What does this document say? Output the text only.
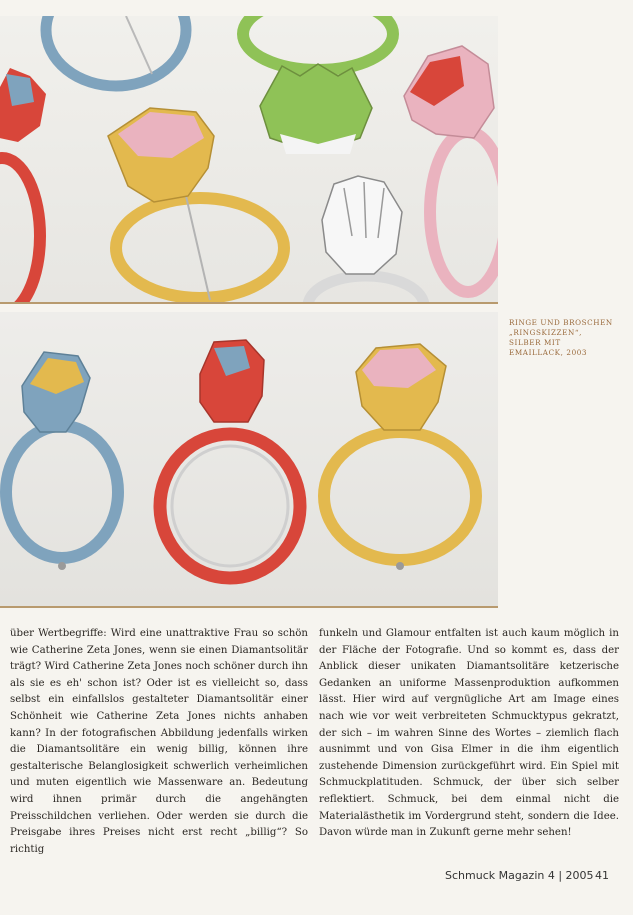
RINGE UND BROSCHEN
„RINGSKIZZEN“,
SILBER MIT
EMAILLACK, 2003

über Wertbegriffe: Wird eine unattraktive Frau so schön wie Catherine Zeta Jones, wenn sie einen Diamantsolitär trägt? Wird Catherine Zeta Jones noch schöner durch ihn als sie es eh' schon ist? Oder ist es vielleicht so, dass selbst ein einfallslos gestalteter Diamantsolitär einer Schönheit wie Catherine Zeta Jones nichts anhaben kann? In der fotografischen Abbildung jedenfalls wirken die Diamantsolitäre ein wenig billig, können ihre gestalterische Belanglosigkeit schwerlich verheimlichen und muten eigentlich wie Massenware an. Bedeutung wird ihnen primär durch die angehängten Preisschildchen verliehen. Oder werden sie durch die Preisgabe ihres Preises nicht erst recht „billig“? So richtig

funkeln und Glamour entfalten ist auch kaum möglich in der Fläche der Fotografie. Und so kommt es, dass der Anblick dieser unikaten Diamantsolitäre ketzerische Gedanken an uniforme Massenproduktion aufkommen lässt. Hier wird auf vergnügliche Art am Image eines nach wie vor weit verbreiteten Schmucktypus gekratzt, der sich – im wahren Sinne des Wortes – ziemlich flach ausnimmt und von Gisa Elmer in die ihm eigentlich zustehende Dimension zurückgeführt wird. Ein Spiel mit Schmuckplatituden. Schmuck, der über sich selber reflektiert. Schmuck, bei dem einmal nicht die Materialästhetik im Vordergrund steht, sondern die Idee. Davon würde man in Zukunft gerne mehr sehen!

Schmuck Magazin 4 | 2005 41
